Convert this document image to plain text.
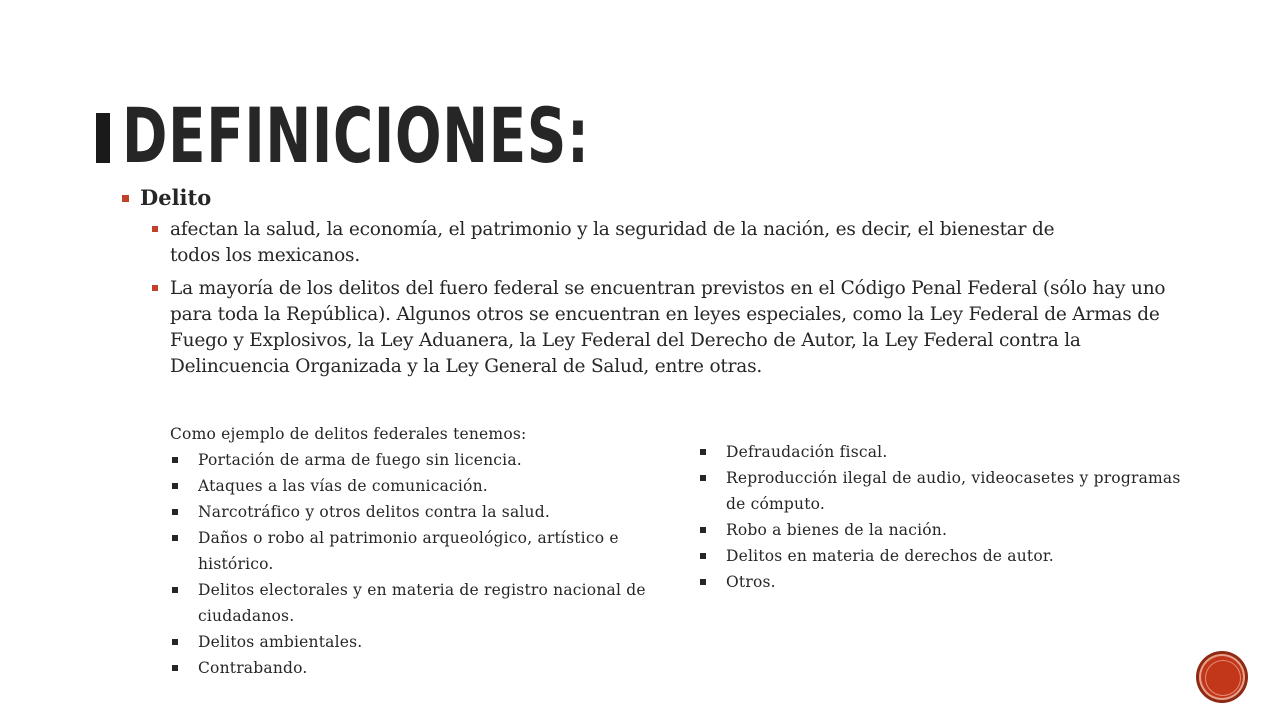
DEFINICIONES:
Delito
afectan la salud, la economía, el patrimonio y la seguridad de la nación, es decir, el bienestar de todos los mexicanos.
La mayoría de los delitos del fuero federal se encuentran previstos en el Código Penal Federal (sólo hay uno para toda la República). Algunos otros se encuentran en leyes especiales, como la Ley Federal de Armas de Fuego y Explosivos, la Ley Aduanera, la Ley Federal del Derecho de Autor, la Ley Federal contra la Delincuencia Organizada y la Ley General de Salud, entre otras.
Como ejemplo de delitos federales tenemos:
Portación de arma de fuego sin licencia.
Ataques a las vías de comunicación.
Narcotráfico y otros delitos contra la salud.
Daños o robo al patrimonio arqueológico, artístico e histórico.
Delitos electorales y en materia de registro nacional de ciudadanos.
Delitos ambientales.
Contrabando.
Defraudación fiscal.
Reproducción ilegal de audio, videocasetes y programas de cómputo.
Robo a bienes de la nación.
Delitos en materia de derechos de autor.
Otros.
